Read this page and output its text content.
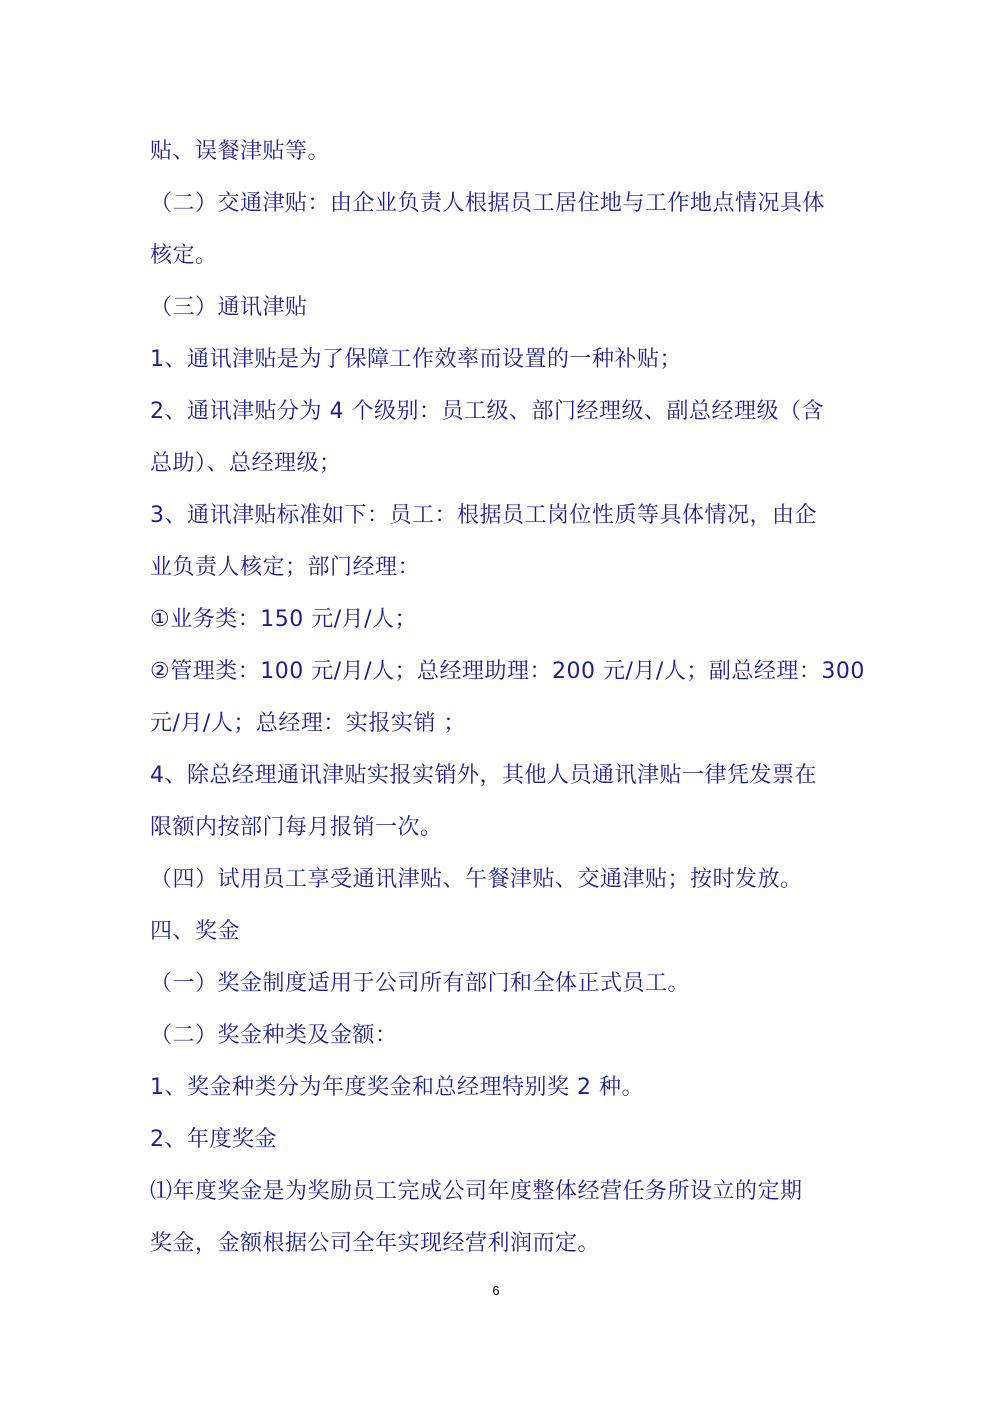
贴、误餐津贴等。
（二）交通津贴：由企业负责人根据员工居住地与工作地点情况具体
核定。
（三）通讯津贴
1、通讯津贴是为了保障工作效率而设置的一种补贴；
2、通讯津贴分为 4 个级别：员工级、部门经理级、副总经理级（含
总助）、总经理级；
3、通讯津贴标准如下：员工：根据员工岗位性质等具体情况，由企
业负责人核定；部门经理：
①业务类：150 元/月/人；
②管理类：100 元/月/人；总经理助理：200 元/月/人；副总经理：300
元/月/人；总经理：实报实销 ；
4、除总经理通讯津贴实报实销外，其他人员通讯津贴一律凭发票在
限额内按部门每月报销一次。
（四）试用员工享受通讯津贴、午餐津贴、交通津贴；按时发放。
四、奖金
（一）奖金制度适用于公司所有部门和全体正式员工。
（二）奖金种类及金额：
1、奖金种类分为年度奖金和总经理特别奖 2 种。
2、年度奖金
⑴年度奖金是为奖励员工完成公司年度整体经营任务所设立的定期
奖金，金额根据公司全年实现经营利润而定。
6
